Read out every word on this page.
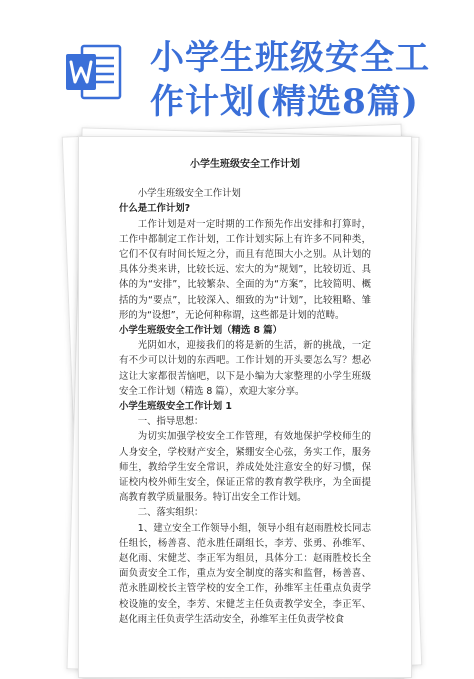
小学生班级安全工
作计划(精选8篇)
小学生班级安全工作计划

小学生班级安全工作计划

什么是工作计划?

工作计划是对一定时期的工作预先作出安排和打算时，工作中都制定工作计划，工作计划实际上有许多不同种类，它们不仅有时间长短之分，而且有范围大小之别。从计划的具体分类来讲，比较长远、宏大的为“规划”，比较切近、具体的为“安排”，比较繁杂、全面的为“方案”，比较简明、概括的为“要点”，比较深入、细致的为“计划”，比较粗略、雏形的为“设想”，无论何种称谓，这些都是计划的范畴。

小学生班级安全工作计划（精选 8 篇）

光阴如水，迎接我们的将是新的生活，新的挑战，一定有不少可以计划的东西吧。工作计划的开头要怎么写？想必这让大家都很苦恼吧，以下是小编为大家整理的小学生班级安全工作计划（精选 8 篇），欢迎大家分享。

小学生班级安全工作计划 1

一、指导思想：

为切实加强学校安全工作管理，有效地保护学校师生的人身安全，学校财产安全，紧绷安全心弦，务实工作，服务师生，教给学生安全常识，养成处处注意安全的好习惯，保证校内校外师生安全，保证正常的教育教学秩序，为全面提高教育教学质量服务。特订出安全工作计划。

二、落实组织：

1、建立安全工作领导小组，领导小组有赵雨胜校长同志任组长，杨善喜、范永胜任副组长，李芳、张勇、孙维军、赵化雨、宋健芝、李正军为组员，具体分工：赵雨胜校长全面负责安全工作，重点为安全制度的落实和监督，杨善喜、范永胜副校长主管学校的安全工作，孙维军主任重点负责学校设施的安全，李芳、宋健芝主任负责教学安全，李正军、赵化雨主任负责学生活动安全，孙维军主任负责学校食
